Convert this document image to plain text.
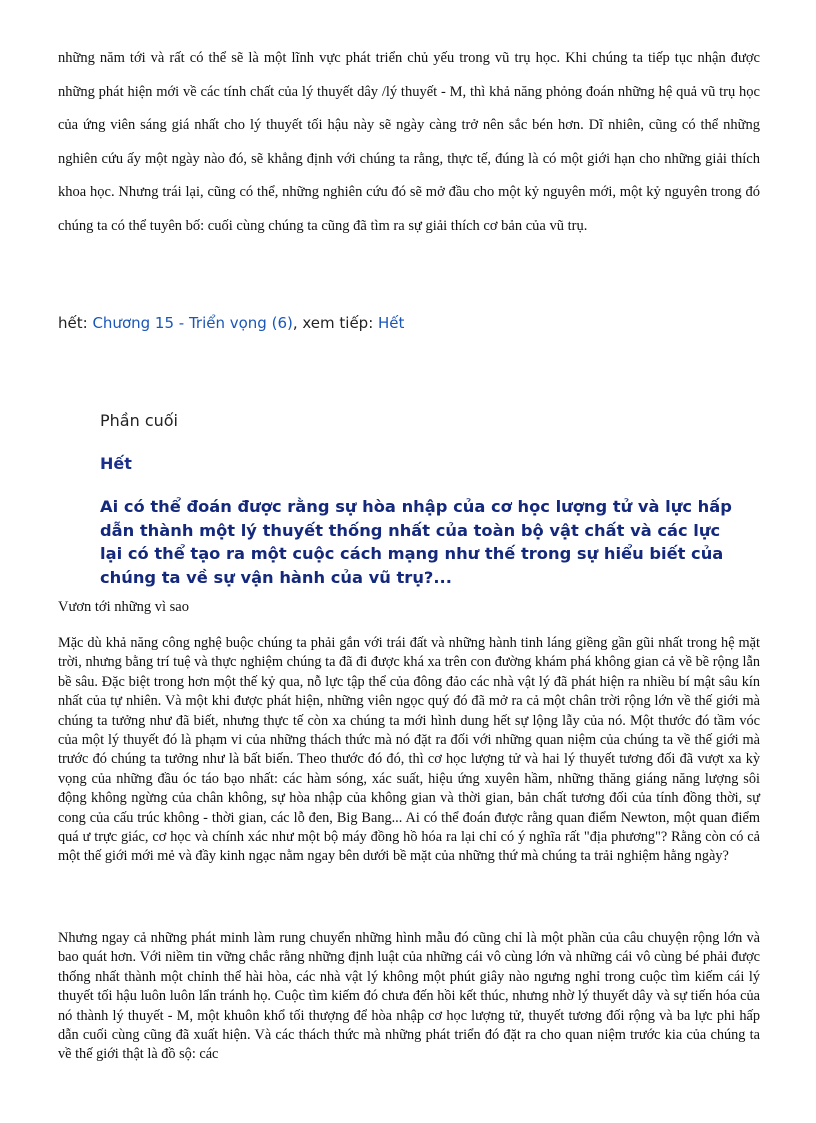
những năm tới và rất có thể sẽ là một lĩnh vực phát triển chủ yếu trong vũ trụ học. Khi chúng ta tiếp tục nhận được những phát hiện mới về các tính chất của lý thuyết dây /lý thuyết - M, thì khả năng phỏng đoán những hệ quả vũ trụ học của ứng viên sáng giá nhất cho lý thuyết tối hậu này sẽ ngày càng trở nên sắc bén hơn. Dĩ nhiên, cũng có thể những nghiên cứu ấy một ngày nào đó, sẽ khẳng định với chúng ta rằng, thực tế, đúng là có một giới hạn cho những giải thích khoa học. Nhưng trái lại, cũng có thể, những nghiên cứu đó sẽ mở đầu cho một kỷ nguyên mới, một kỷ nguyên trong đó chúng ta có thể tuyên bố: cuối cùng chúng ta cũng đã tìm ra sự giải thích cơ bản của vũ trụ.

hết: Chương 15 - Triển vọng (6), xem tiếp: Hết

Phần cuối

Hết

Ai có thể đoán được rằng sự hòa nhập của cơ học lượng tử và lực hấp dẫn thành một lý thuyết thống nhất của toàn bộ vật chất và các lực lại có thể tạo ra một cuộc cách mạng như thế trong sự hiểu biết của chúng ta về sự vận hành của vũ trụ?...

Vươn tới những vì sao

Mặc dù khả năng công nghệ buộc chúng ta phải gắn với trái đất và những hành tinh láng giềng gần gũi nhất trong hệ mặt trời, nhưng bằng trí tuệ và thực nghiệm chúng ta đã đi được khá xa trên con đường khám phá không gian cả về bề rộng lẫn bề sâu. Đặc biệt trong hơn một thế kỷ qua, nỗ lực tập thể của đông đảo các nhà vật lý đã phát hiện ra nhiều bí mật sâu kín nhất của tự nhiên. Và một khi được phát hiện, những viên ngọc quý đó đã mở ra cả một chân trời rộng lớn về thế giới mà chúng ta tưởng như đã biết, nhưng thực tế còn xa chúng ta mới hình dung hết sự lộng lẫy của nó. Một thước đó tầm vóc của một lý thuyết đó là phạm vi của những thách thức mà nó đặt ra đối với những quan niệm của chúng ta về thế giới mà trước đó chúng ta tưởng như là bất biến. Theo thước đó đó, thì cơ học lượng tử và hai lý thuyết tương đối đã vượt xa kỳ vọng của những đầu óc táo bạo nhất: các hàm sóng, xác suất, hiệu ứng xuyên hầm, những thăng giáng năng lượng sôi động không ngừng của chân không, sự hòa nhập của không gian và thời gian, bản chất tương đối của tính đồng thời, sự cong của cấu trúc không - thời gian, các lỗ đen, Big Bang... Ai có thể đoán được rằng quan điểm Newton, một quan điểm quá ư trực giác, cơ học và chính xác như một bộ máy đồng hồ hóa ra lại chỉ có ý nghĩa rất "địa phương"? Rằng còn có cả một thế giới mới mẻ và đầy kinh ngạc nằm ngay bên dưới bề mặt của những thứ mà chúng ta trải nghiệm hằng ngày?

Nhưng ngay cả những phát minh làm rung chuyển những hình mẫu đó cũng chỉ là một phần của câu chuyện rộng lớn và bao quát hơn. Với niềm tin vững chắc rằng những định luật của những cái vô cùng lớn và những cái vô cùng bé phải được thống nhất thành một chỉnh thể hài hòa, các nhà vật lý không một phút giây nào ngưng nghỉ trong cuộc tìm kiếm cái lý thuyết tối hậu luôn luôn lẩn tránh họ. Cuộc tìm kiếm đó chưa đến hồi kết thúc, nhưng nhờ lý thuyết dây và sự tiến hóa của nó thành lý thuyết - M, một khuôn khổ tối thượng để hòa nhập cơ học lượng tử, thuyết tương đối rộng và ba lực phi hấp dẫn cuối cùng cũng đã xuất hiện. Và các thách thức mà những phát triển đó đặt ra cho quan niệm trước kia của chúng ta về thế giới thật là đồ sộ: các
